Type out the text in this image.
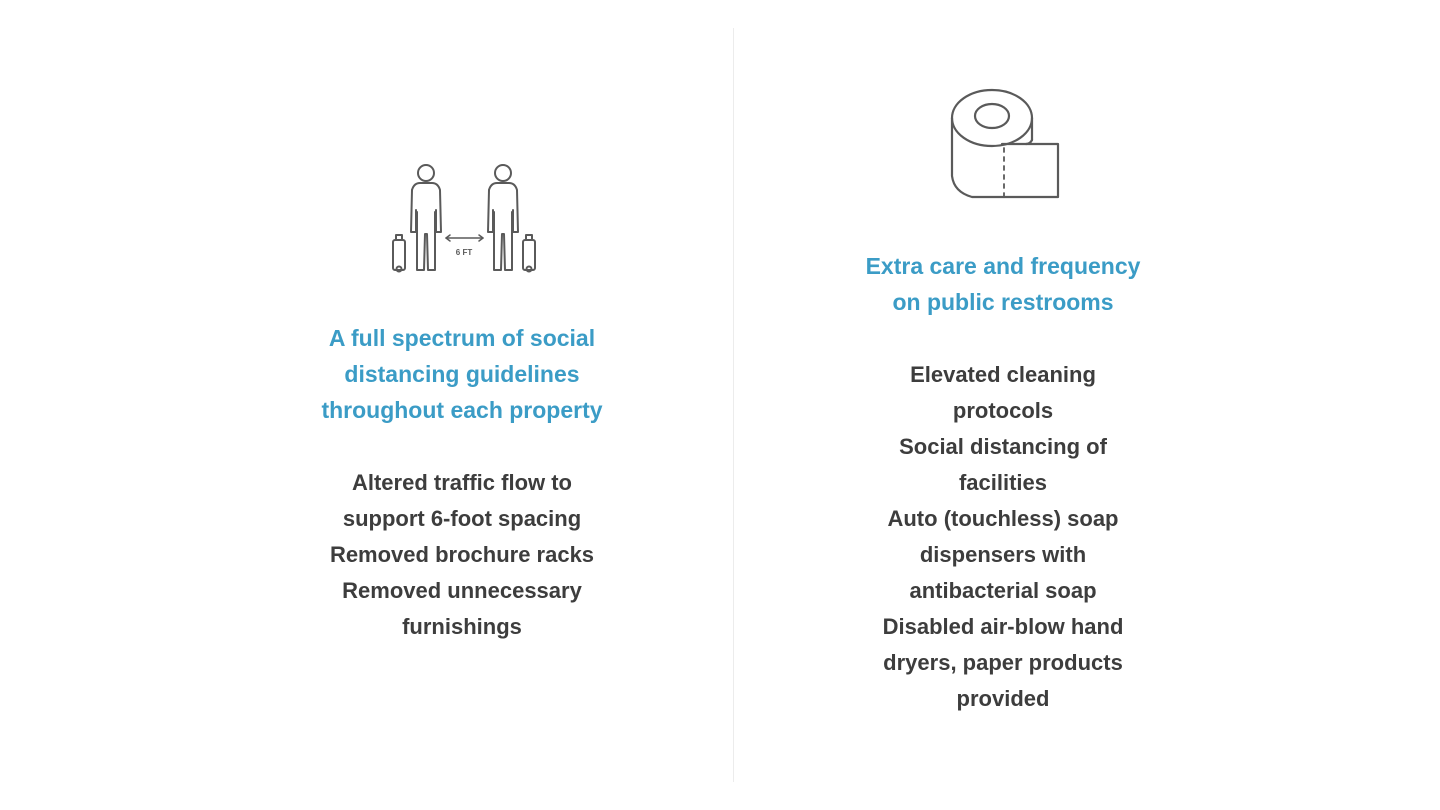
6 FT
A full spectrum of social
distancing guidelines
throughout each property
Altered traffic flow to
support 6-foot spacing
Removed brochure racks
Removed unnecessary
furnishings
Extra care and frequency
on public restrooms
Elevated cleaning
protocols
Social distancing of
facilities
Auto (touchless) soap
dispensers with
antibacterial soap
Disabled air-blow hand
dryers, paper products
provided
